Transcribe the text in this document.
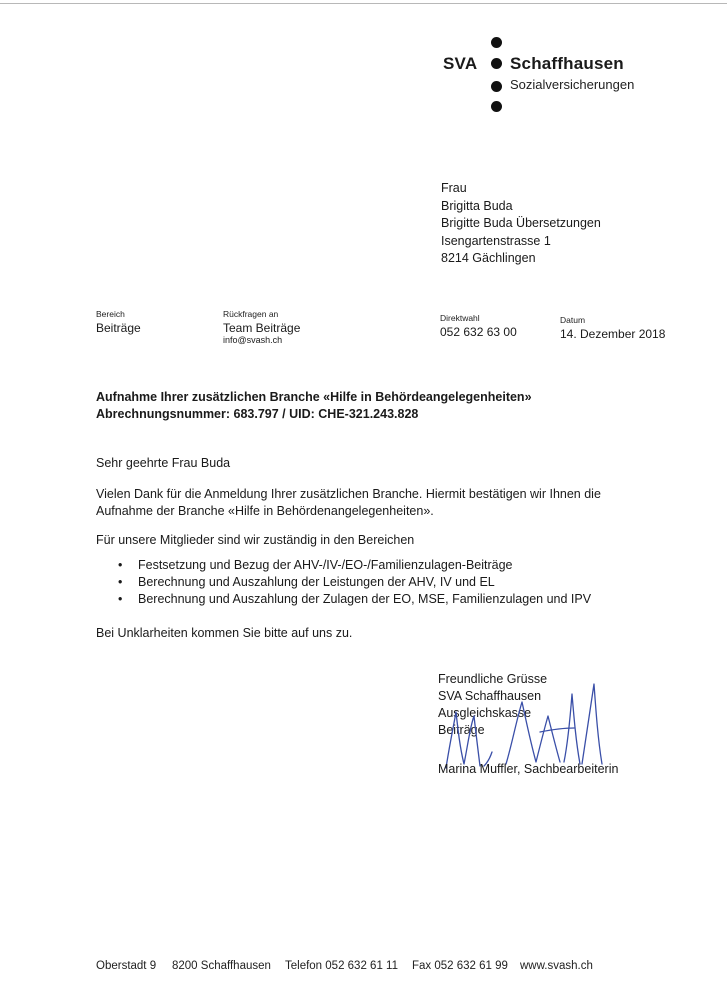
SVA Schaffhausen
Sozialversicherungen
Frau
Brigitta Buda
Brigitte Buda Übersetzungen
Isengartenstrasse 1
8214 Gächlingen
Bereich
Beiträge
Rückfragen an
Team Beiträge
info@svash.ch
Direktwahl
052 632 63 00
Datum
14. Dezember 2018
Aufnahme Ihrer zusätzlichen Branche «Hilfe in Behördeangelegenheiten»
Abrechnungsnummer: 683.797 / UID: CHE-321.243.828
Sehr geehrte Frau Buda
Vielen Dank für die Anmeldung Ihrer zusätzlichen Branche. Hiermit bestätigen wir Ihnen die
Aufnahme der Branche «Hilfe in Behördenangelegenheiten».
Für unsere Mitglieder sind wir zuständig in den Bereichen
• Festsetzung und Bezug der AHV-/IV-/EO-/Familienzulagen-Beiträge
• Berechnung und Auszahlung der Leistungen der AHV, IV und EL
• Berechnung und Auszahlung der Zulagen der EO, MSE, Familienzulagen und IPV
Bei Unklarheiten kommen Sie bitte auf uns zu.
Freundliche Grüsse
SVA Schaffhausen
Ausgleichskasse
Beiträge
Marina Muffler, Sachbearbeiterin
Oberstadt 9 8200 Schaffhausen Telefon 052 632 61 11 Fax 052 632 61 99 www.svash.ch
